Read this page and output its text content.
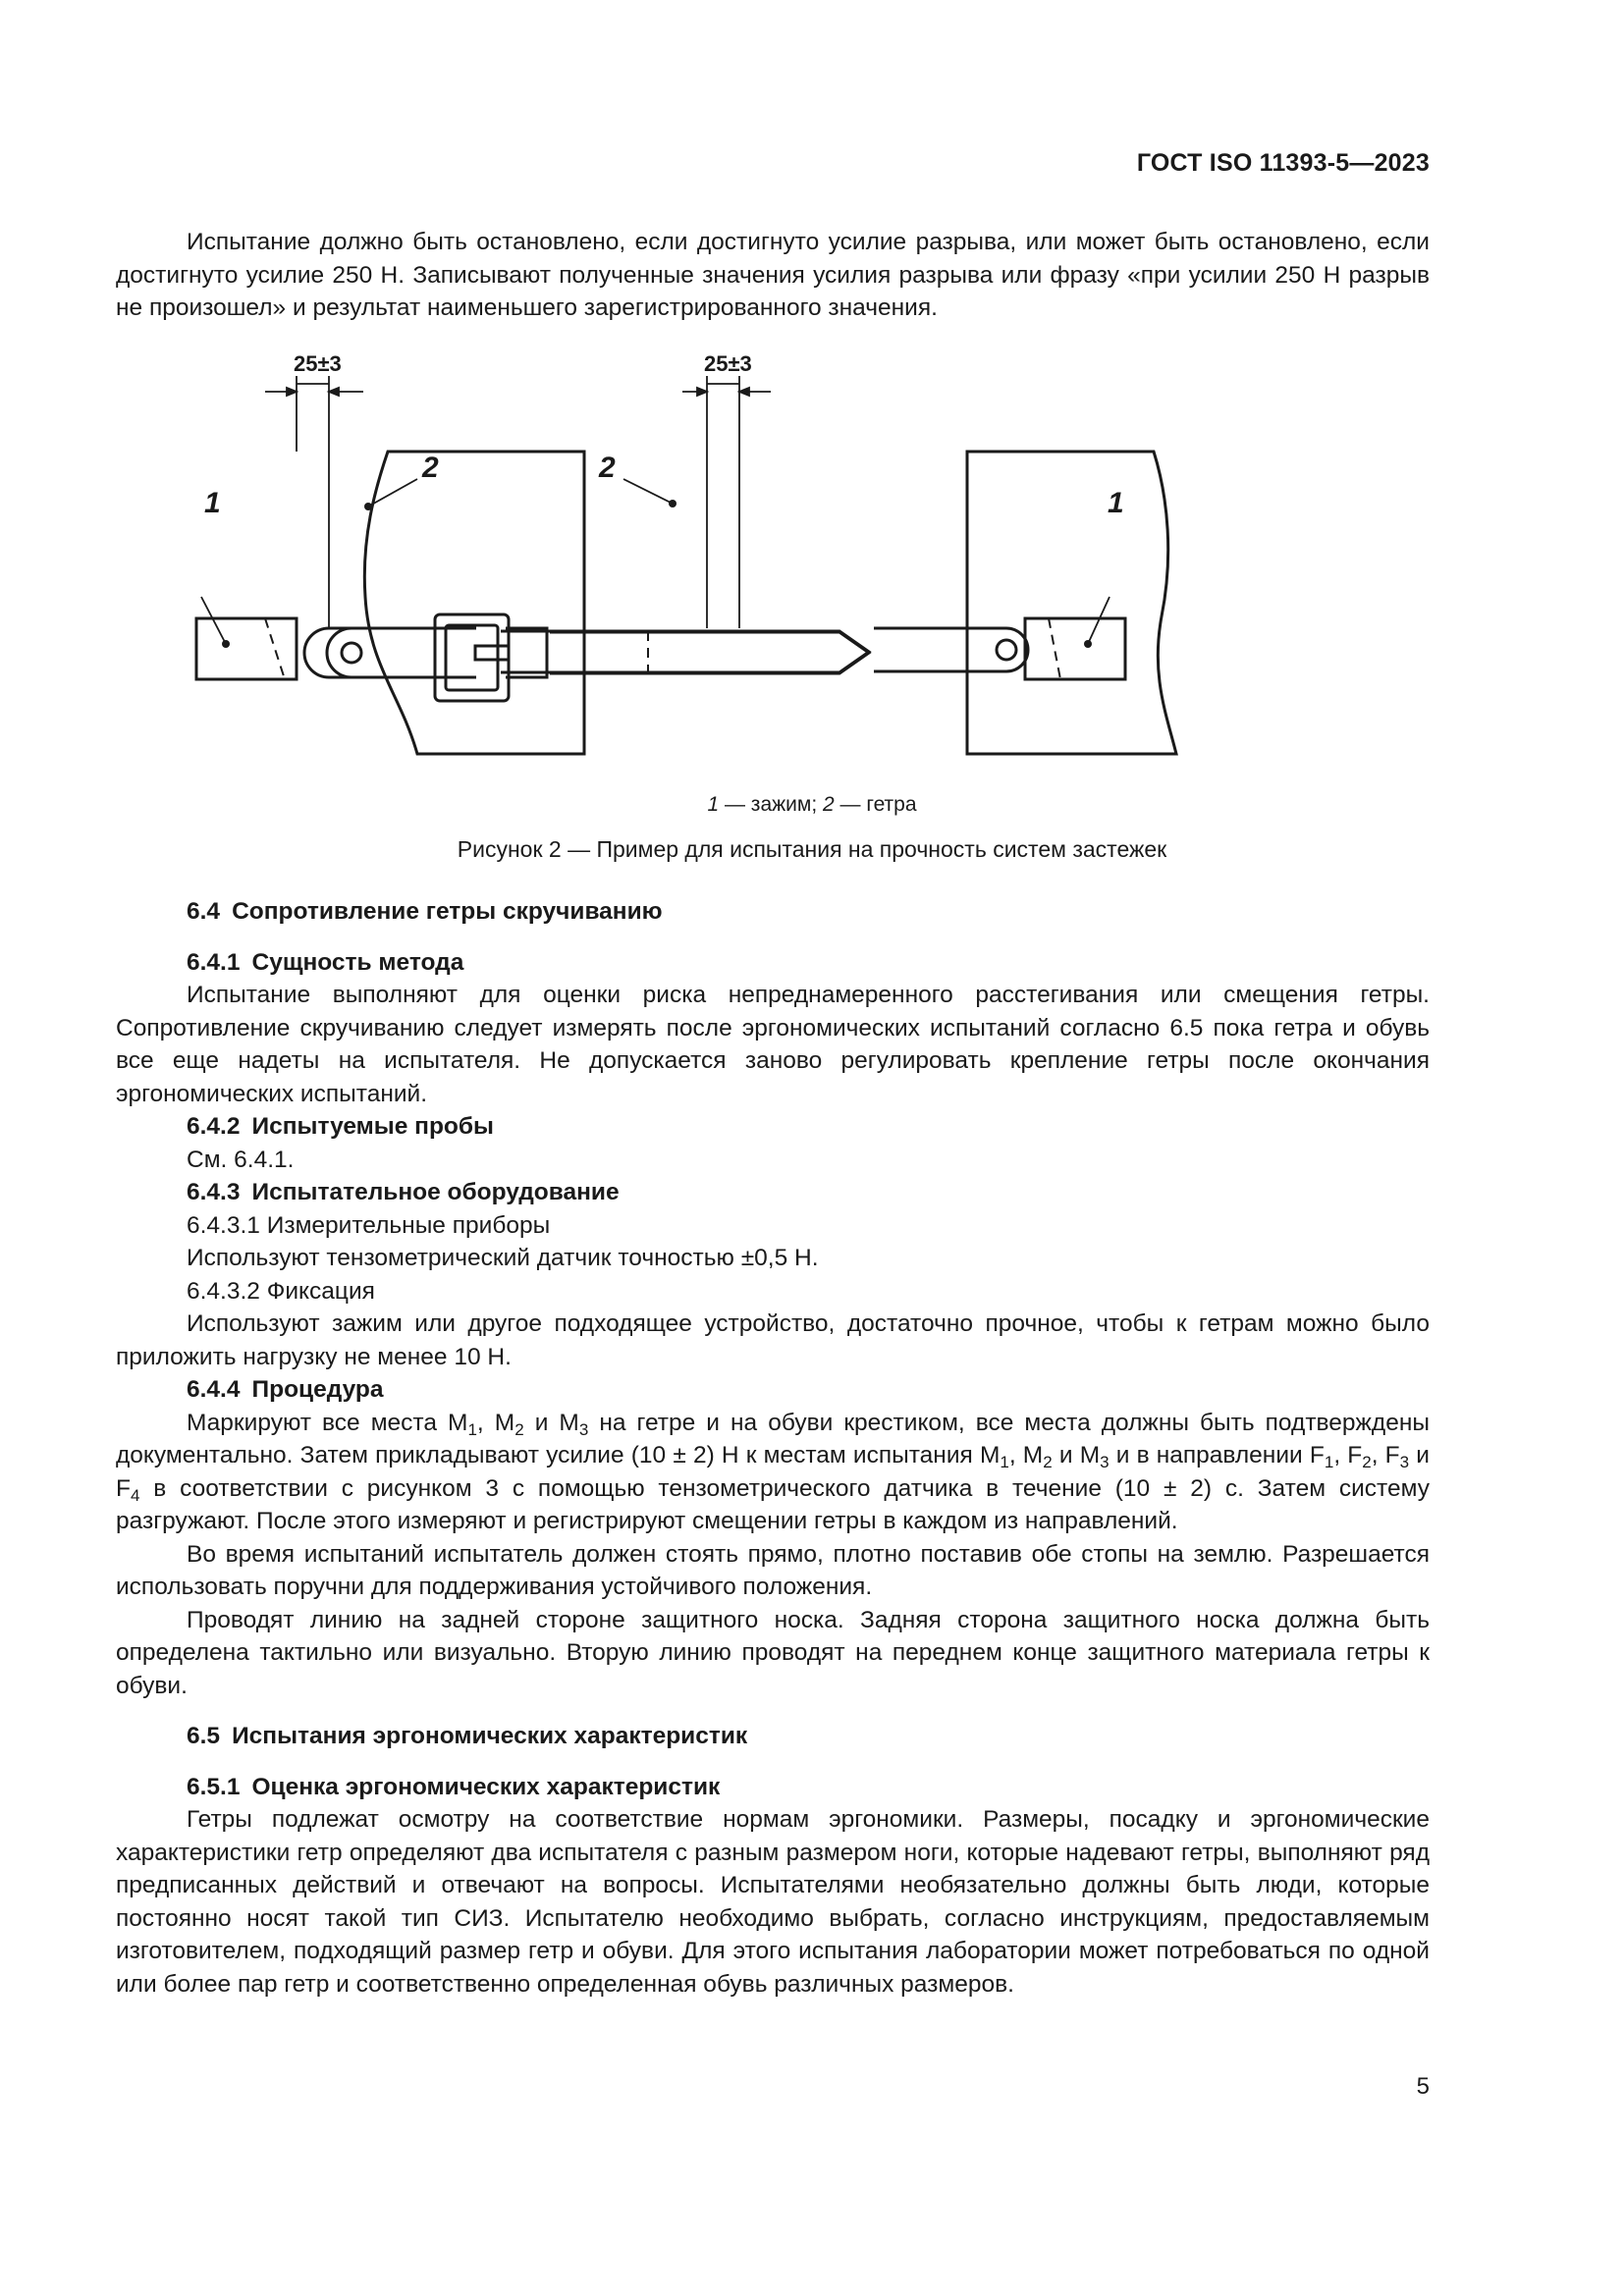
ГОСТ ISO 11393-5—2023

Испытание должно быть остановлено, если достигнуто усилие разрыва, или может быть остановлено, если достигнуто усилие 250 Н. Записывают полученные значения усилия разрыва или фразу «при усилии 250 Н разрыв не произошел» и результат наименьшего зарегистрированного значения.

25±3	25±3
1
2	2
1
1 — зажим; 2 — гетра
Рисунок 2 — Пример для испытания на прочность систем застежек

6.4 Сопротивление гетры скручиванию

6.4.1 Сущность метода

Испытание выполняют для оценки риска непреднамеренного расстегивания или смещения гетры. Сопротивление скручиванию следует измерять после эргономических испытаний согласно 6.5 пока гетра и обувь все еще надеты на испытателя. Не допускается заново регулировать крепление гетры после окончания эргономических испытаний.

6.4.2 Испытуемые пробы

См. 6.4.1.

6.4.3 Испытательное оборудование

6.4.3.1 Измерительные приборы

Используют тензометрический датчик точностью ±0,5 Н.

6.4.3.2 Фиксация

Используют зажим или другое подходящее устройство, достаточно прочное, чтобы к гетрам можно было приложить нагрузку не менее 10 Н.

6.4.4 Процедура

Маркируют все места $M_1$, $M_2$ и $M_3$ на гетре и на обуви крестиком, все места должны быть подтверждены документально. Затем прикладывают усилие (10 ± 2) Н к местам испытания $M_1$, $M_2$ и $M_3$ и в направлении $F_1$, $F_2$, $F_3$ и $F_4$ в соответствии с рисунком 3 с помощью тензометрического датчика в течение (10 ± 2) с. Затем систему разгружают. После этого измеряют и регистрируют смещении гетры в каждом из направлений.

Во время испытаний испытатель должен стоять прямо, плотно поставив обе стопы на землю. Разрешается использовать поручни для поддерживания устойчивого положения.

Проводят линию на задней стороне защитного носка. Задняя сторона защитного носка должна быть определена тактильно или визуально. Вторую линию проводят на переднем конце защитного материала гетры к обуви.

6.5 Испытания эргономических характеристик

6.5.1 Оценка эргономических характеристик

Гетры подлежат осмотру на соответствие нормам эргономики. Размеры, посадку и эргономические характеристики гетр определяют два испытателя с разным размером ноги, которые надевают гетры, выполняют ряд предписанных действий и отвечают на вопросы. Испытателями необязательно должны быть люди, которые постоянно носят такой тип СИЗ. Испытателю необходимо выбрать, согласно инструкциям, предоставляемым изготовителем, подходящий размер гетр и обуви. Для этого испытания лаборатории может потребоваться по одной или более пар гетр и соответственно определенная обувь различных размеров.

5
